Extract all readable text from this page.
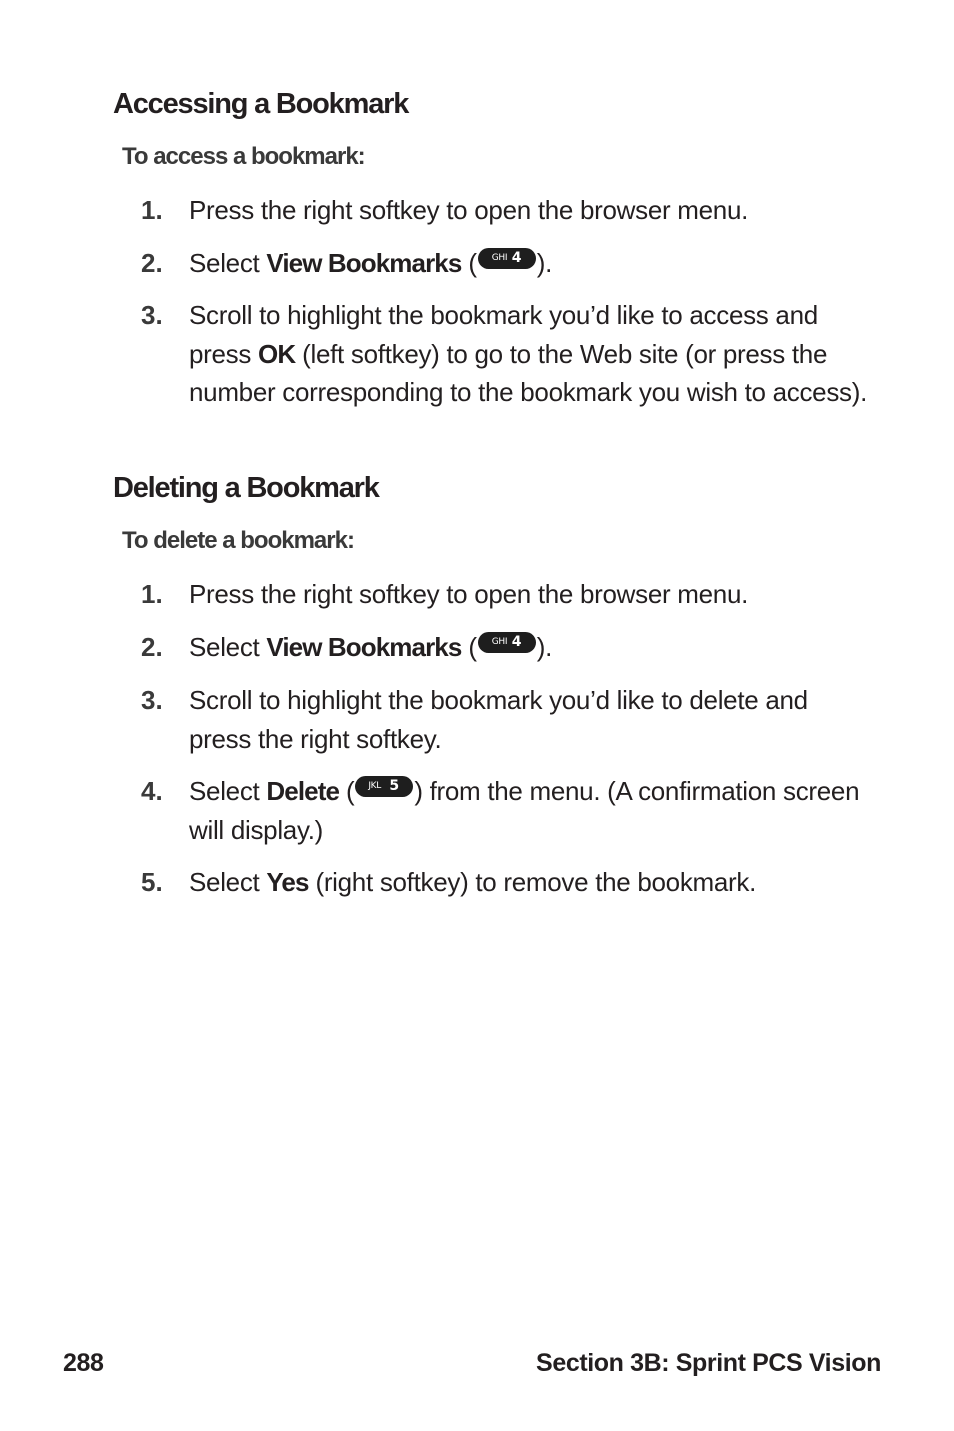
Accessing a Bookmark
To access a bookmark:
1. Press the right softkey to open the browser menu.
2. Select View Bookmarks ( GHI 4 ).
3. Scroll to highlight the bookmark you’d like to access and press OK (left softkey) to go to the Web site (or press the number corresponding to the bookmark you wish to access).
Deleting a Bookmark
To delete a bookmark:
1. Press the right softkey to open the browser menu.
2. Select View Bookmarks ( GHI 4 ).
3. Scroll to highlight the bookmark you’d like to delete and press the right softkey.
4. Select Delete ( JKL 5 ) from the menu. (A confirmation screen will display.)
5. Select Yes (right softkey) to remove the bookmark.
288	Section 3B: Sprint PCS Vision
